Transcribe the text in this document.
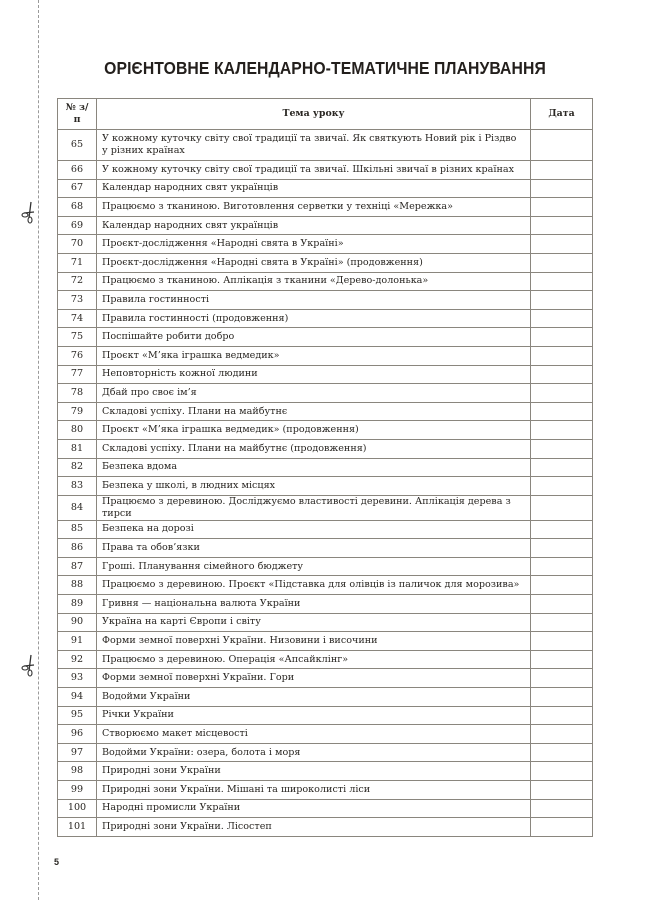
ОРІЄНТОВНЕ КАЛЕНДАРНО-ТЕМАТИЧНЕ ПЛАНУВАННЯ
№ з/п	Тема уроку	Дата
65	У кожному куточку світу свої традиції та звичаї. Як святкують Новий рік і Різдво у різних країнах	
66	У кожному куточку світу свої традиції та звичаї. Шкільні звичаї в різних країнах	
67	Календар народних свят українців	
68	Працюємо з тканиною. Виготовлення серветки у техніці «Мережка»	
69	Календар народних свят українців	
70	Проєкт-дослідження «Народні свята в Україні»	
71	Проєкт-дослідження «Народні свята в Україні» (продовження)	
72	Працюємо з тканиною. Аплікація з тканини «Дерево-долонька»	
73	Правила гостинності	
74	Правила гостинності (продовження)	
75	Поспішайте робити добро	
76	Проєкт «М’яка іграшка ведмедик»	
77	Неповторність кожної людини	
78	Дбай про своє ім’я	
79	Складові успіху. Плани на майбутнє	
80	Проєкт «М’яка іграшка ведмедик» (продовження)	
81	Складові успіху. Плани на майбутнє (продовження)	
82	Безпека вдома	
83	Безпека у школі, в людних місцях	
84	Працюємо з деревиною. Досліджуємо властивості деревини. Аплікація дерева з тирси	
85	Безпека на дорозі	
86	Права та обов’язки	
87	Гроші. Планування сімейного бюджету	
88	Працюємо з деревиною. Проєкт «Підставка для олівців із паличок для морозива»	
89	Гривня — національна валюта України	
90	Україна на карті Європи і світу	
91	Форми земної поверхні України. Низовини і височини	
92	Працюємо з деревиною. Операція «Апсайклінг»	
93	Форми земної поверхні України. Гори	
94	Водойми України	
95	Річки України	
96	Створюємо макет місцевості	
97	Водойми України: озера, болота і моря	
98	Природні зони України	
99	Природні зони України. Мішані та широколисті ліси	
100	Народні промисли України	
101	Природні зони України. Лісостеп	
5
